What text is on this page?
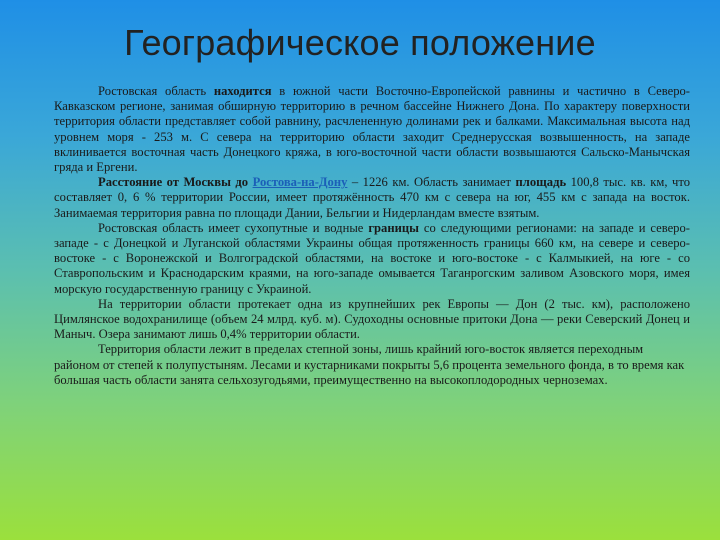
Географическое положение

Ростовская область находится в южной части Восточно-Европейской равнины и частично в Северо-Кавказском регионе, занимая обширную территорию в речном бассейне Нижнего Дона. По характеру поверхности территория области представляет собой равнину, расчлененную долинами рек и балками. Максимальная высота над уровнем моря - 253 м. С севера на территорию области заходит Среднерусская возвышенность, на западе вклинивается восточная часть Донецкого кряжа, в юго-восточной части области возвышаются Сальско-Манычская гряда и Ергени.

Расстояние от Москвы до Ростова-на-Дону – 1226 км. Область занимает площадь 100,8 тыс. кв. км, что составляет 0, 6 % территории России, имеет протяжённость 470 км с севера на юг, 455 км с запада на восток. Занимаемая территория равна по площади Дании, Бельгии и Нидерландам вместе взятым.

Ростовская область имеет сухопутные и водные границы со следующими регионами: на западе и северо-западе - с Донецкой и Луганской областями Украины общая протяженность границы 660 км, на севере и северо-востоке - с Воронежской и Волгоградской областями, на востоке и юго-востоке - с Калмыкией, на юге - со Ставропольским и Краснодарским краями, на юго-западе омывается Таганрогским заливом Азовского моря, имея морскую государственную границу с Украиной.

На территории области протекает одна из крупнейших рек Европы — Дон (2 тыс. км), расположено Цимлянское водохранилище (объем 24 млрд. куб. м). Судоходны основные притоки Дона — реки Северский Донец и Маныч. Озера занимают лишь 0,4% территории области.

Территория области лежит в пределах степной зоны, лишь крайний юго-восток является переходным районом от степей к полупустыням. Лесами и кустарниками покрыты 5,6 процента земельного фонда, в то время как большая часть области занята сельхозугодьями, преимущественно на высокоплодородных черноземах.
